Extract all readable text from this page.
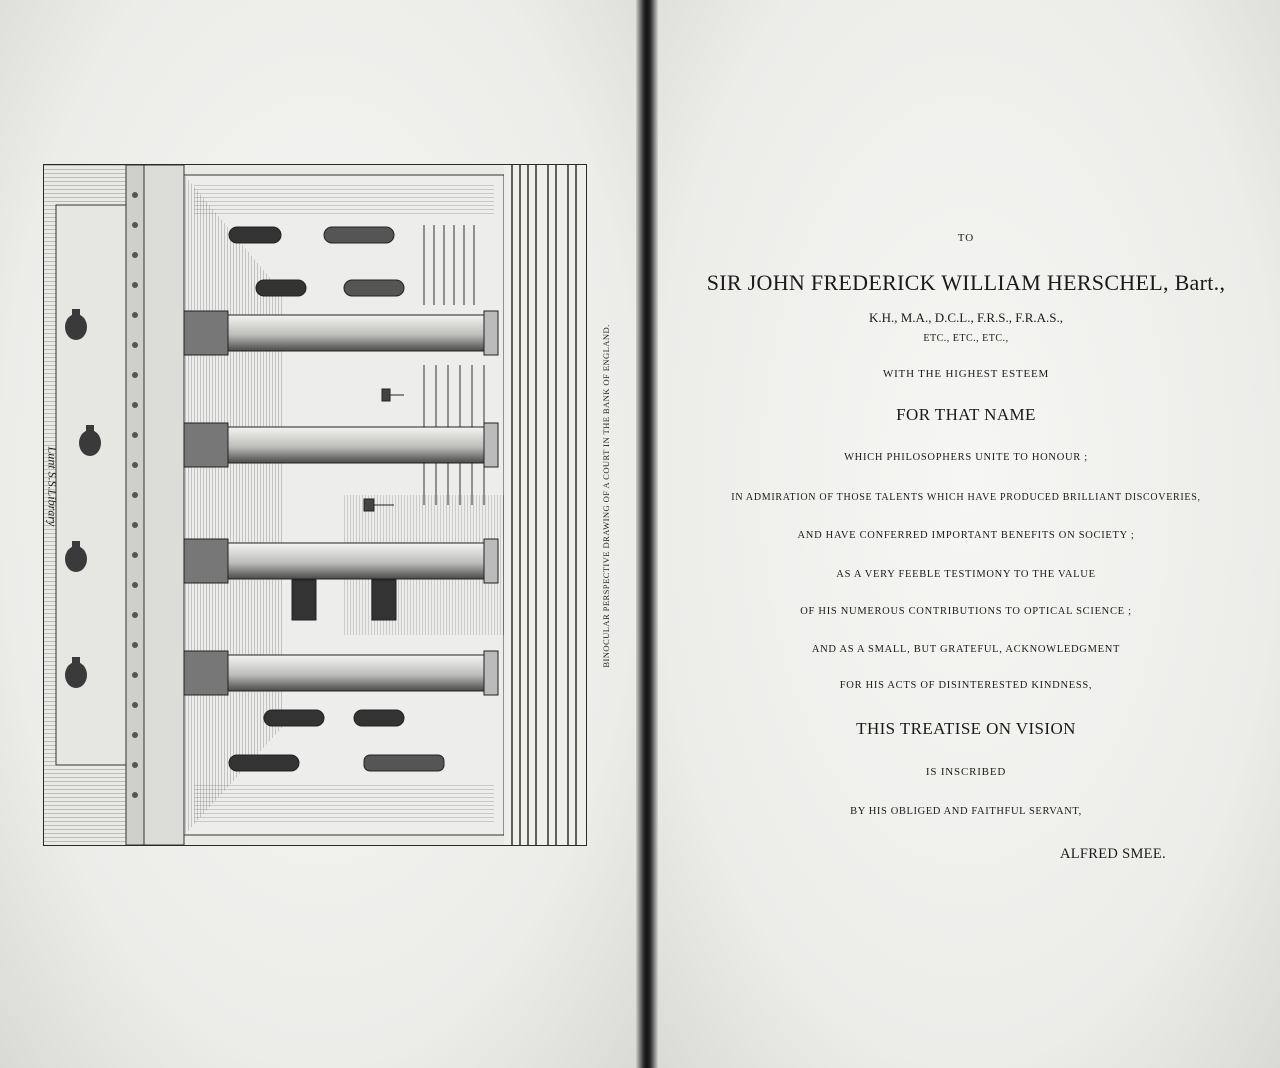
Lunt S.S.Library	BINOCULAR PERSPECTIVE DRAWING OF A COURT IN THE BANK OF ENGLAND.
TO
SIR JOHN FREDERICK WILLIAM HERSCHEL, Bart.,
K.H., M.A., D.C.L., F.R.S., F.R.A.S.,
ETC., ETC., ETC.,
WITH THE HIGHEST ESTEEM
FOR THAT NAME
WHICH PHILOSOPHERS UNITE TO HONOUR ;
IN ADMIRATION OF THOSE TALENTS WHICH HAVE PRODUCED BRILLIANT DISCOVERIES,
AND HAVE CONFERRED IMPORTANT BENEFITS ON SOCIETY ;
AS A VERY FEEBLE TESTIMONY TO THE VALUE
OF HIS NUMEROUS CONTRIBUTIONS TO OPTICAL SCIENCE ;
AND AS A SMALL, BUT GRATEFUL, ACKNOWLEDGMENT
FOR HIS ACTS OF DISINTERESTED KINDNESS,
THIS TREATISE ON VISION
IS INSCRIBED
BY HIS OBLIGED AND FAITHFUL SERVANT,
ALFRED SMEE.
